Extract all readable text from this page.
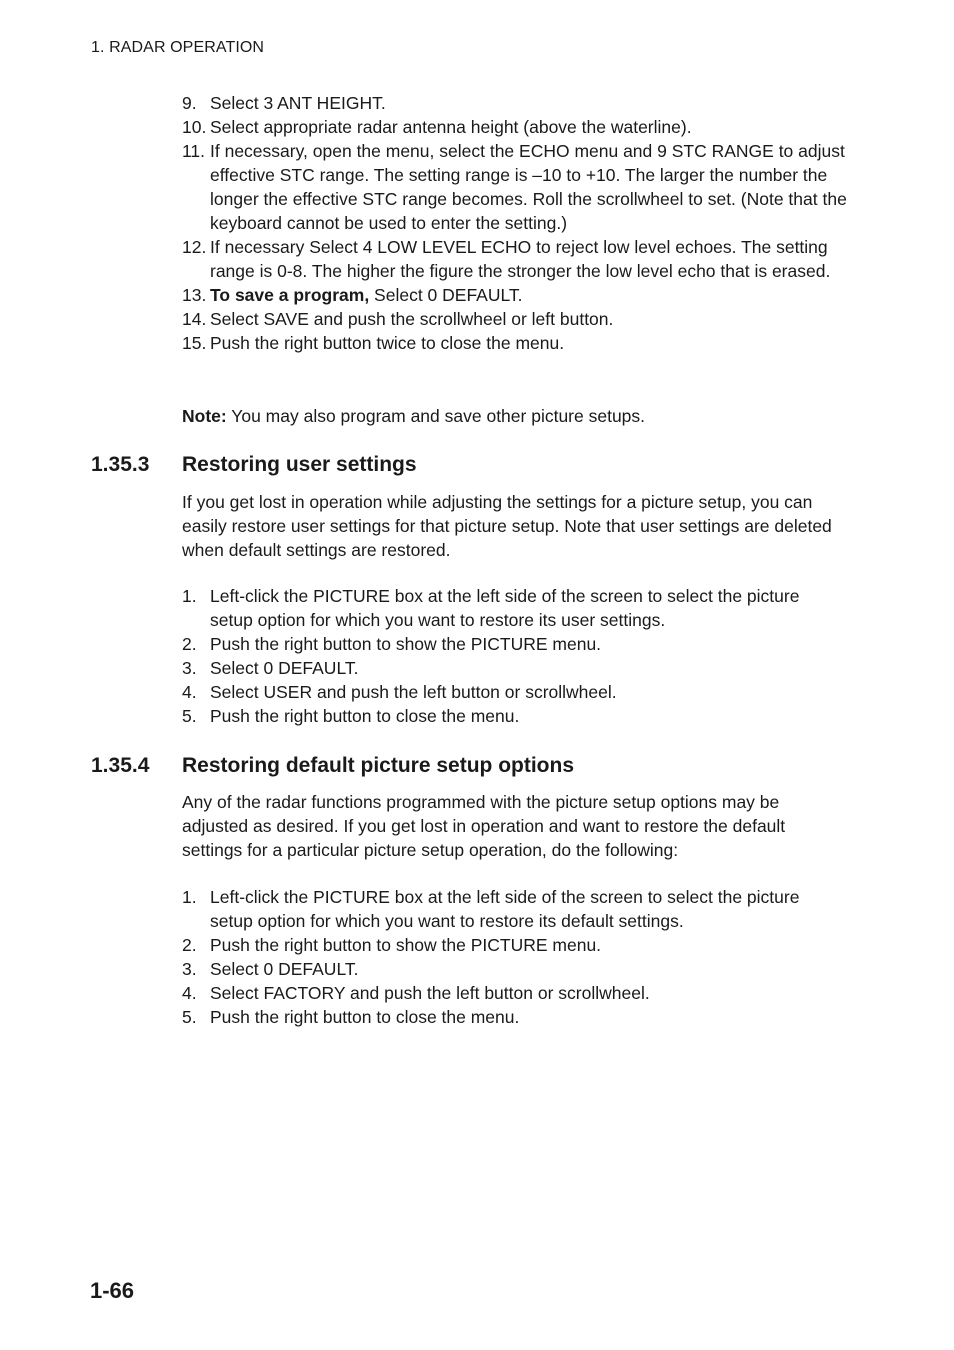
1. RADAR OPERATION
9. Select 3 ANT HEIGHT.
10. Select appropriate radar antenna height (above the waterline).
11. If necessary, open the menu, select the ECHO menu and 9 STC RANGE to adjust effective STC range. The setting range is –10 to +10. The larger the number the longer the effective STC range becomes. Roll the scrollwheel to set. (Note that the keyboard cannot be used to enter the setting.)
12. If necessary Select 4 LOW LEVEL ECHO to reject low level echoes. The setting range is 0-8. The higher the figure the stronger the low level echo that is erased.
13. To save a program, Select 0 DEFAULT.
14. Select SAVE and push the scrollwheel or left button.
15. Push the right button twice to close the menu.
Note: You may also program and save other picture setups.
1.35.3 Restoring user settings

If you get lost in operation while adjusting the settings for a picture setup, you can easily restore user settings for that picture setup. Note that user settings are deleted when default settings are restored.

1. Left-click the PICTURE box at the left side of the screen to select the picture setup option for which you want to restore its user settings.
2. Push the right button to show the PICTURE menu.
3. Select 0 DEFAULT.
4. Select USER and push the left button or scrollwheel.
5. Push the right button to close the menu.
1.35.4 Restoring default picture setup options

Any of the radar functions programmed with the picture setup options may be adjusted as desired. If you get lost in operation and want to restore the default settings for a particular picture setup operation, do the following:

1. Left-click the PICTURE box at the left side of the screen to select the picture setup option for which you want to restore its default settings.
2. Push the right button to show the PICTURE menu.
3. Select 0 DEFAULT.
4. Select FACTORY and push the left button or scrollwheel.
5. Push the right button to close the menu.
1-66
